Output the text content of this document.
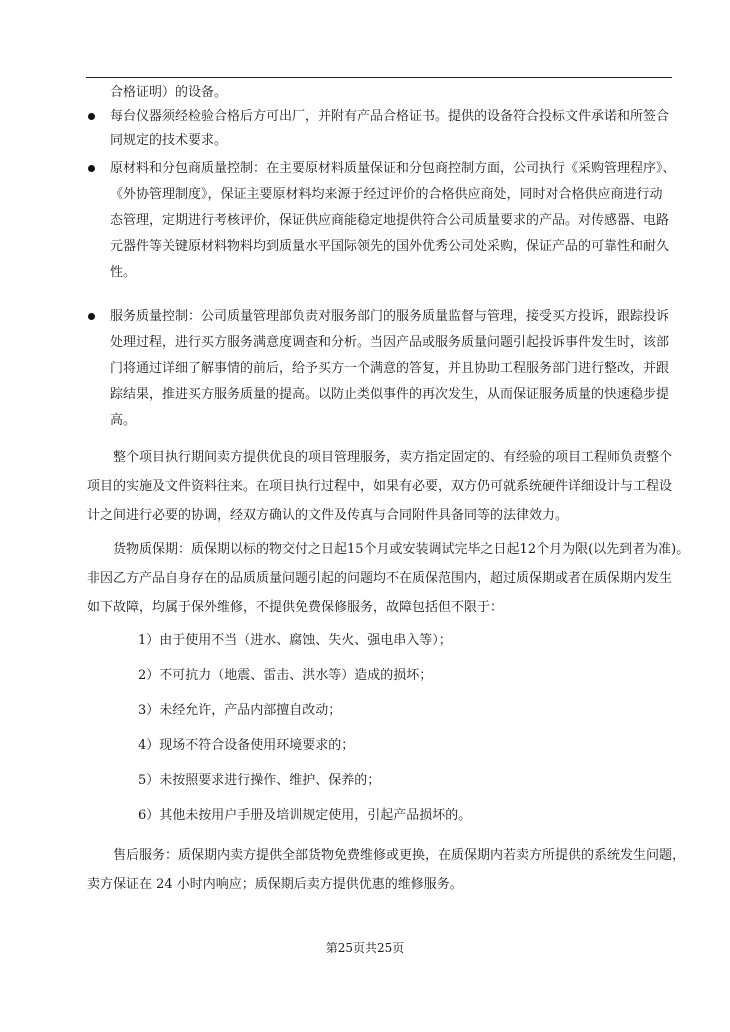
合格证明）的设备。
每台仪器须经检验合格后方可出厂，并附有产品合格证书。提供的设备符合投标文件承诺和所签合
同规定的技术要求。
原材料和分包商质量控制：在主要原材料质量保证和分包商控制方面，公司执行《采购管理程序》、
《外协管理制度》，保证主要原材料均来源于经过评价的合格供应商处，同时对合格供应商进行动
态管理，定期进行考核评价，保证供应商能稳定地提供符合公司质量要求的产品。对传感器、电路
元器件等关键原材料物料均到质量水平国际领先的国外优秀公司处采购，保证产品的可靠性和耐久
性。
服务质量控制：公司质量管理部负责对服务部门的服务质量监督与管理，接受买方投诉，跟踪投诉
处理过程，进行买方服务满意度调查和分析。当因产品或服务质量问题引起投诉事件发生时，该部
门将通过详细了解事情的前后，给予买方一个满意的答复，并且协助工程服务部门进行整改，并跟
踪结果，推进买方服务质量的提高。以防止类似事件的再次发生，从而保证服务质量的快速稳步提
高。
整个项目执行期间卖方提供优良的项目管理服务，卖方指定固定的、有经验的项目工程师负责整个
项目的实施及文件资料往来。在项目执行过程中，如果有必要，双方仍可就系统硬件详细设计与工程设
计之间进行必要的协调，经双方确认的文件及传真与合同附件具备同等的法律效力。
货物质保期：质保期以标的物交付之日起15个月或安装调试完毕之日起12个月为限(以先到者为准)。
非因乙方产品自身存在的品质质量问题引起的问题均不在质保范围内，超过质保期或者在质保期内发生
如下故障，均属于保外维修，不提供免费保修服务，故障包括但不限于：
1）由于使用不当（进水、腐蚀、失火、强电串入等）；
2）不可抗力（地震、雷击、洪水等）造成的损坏；
3）未经允许，产品内部擅自改动；
4）现场不符合设备使用环境要求的；
5）未按照要求进行操作、维护、保养的；
6）其他未按用户手册及培训规定使用，引起产品损坏的。
售后服务：质保期内卖方提供全部货物免费维修或更换，在质保期内若卖方所提供的系统发生问题，
卖方保证在 24 小时内响应；质保期后卖方提供优惠的维修服务。
第25页共25页
